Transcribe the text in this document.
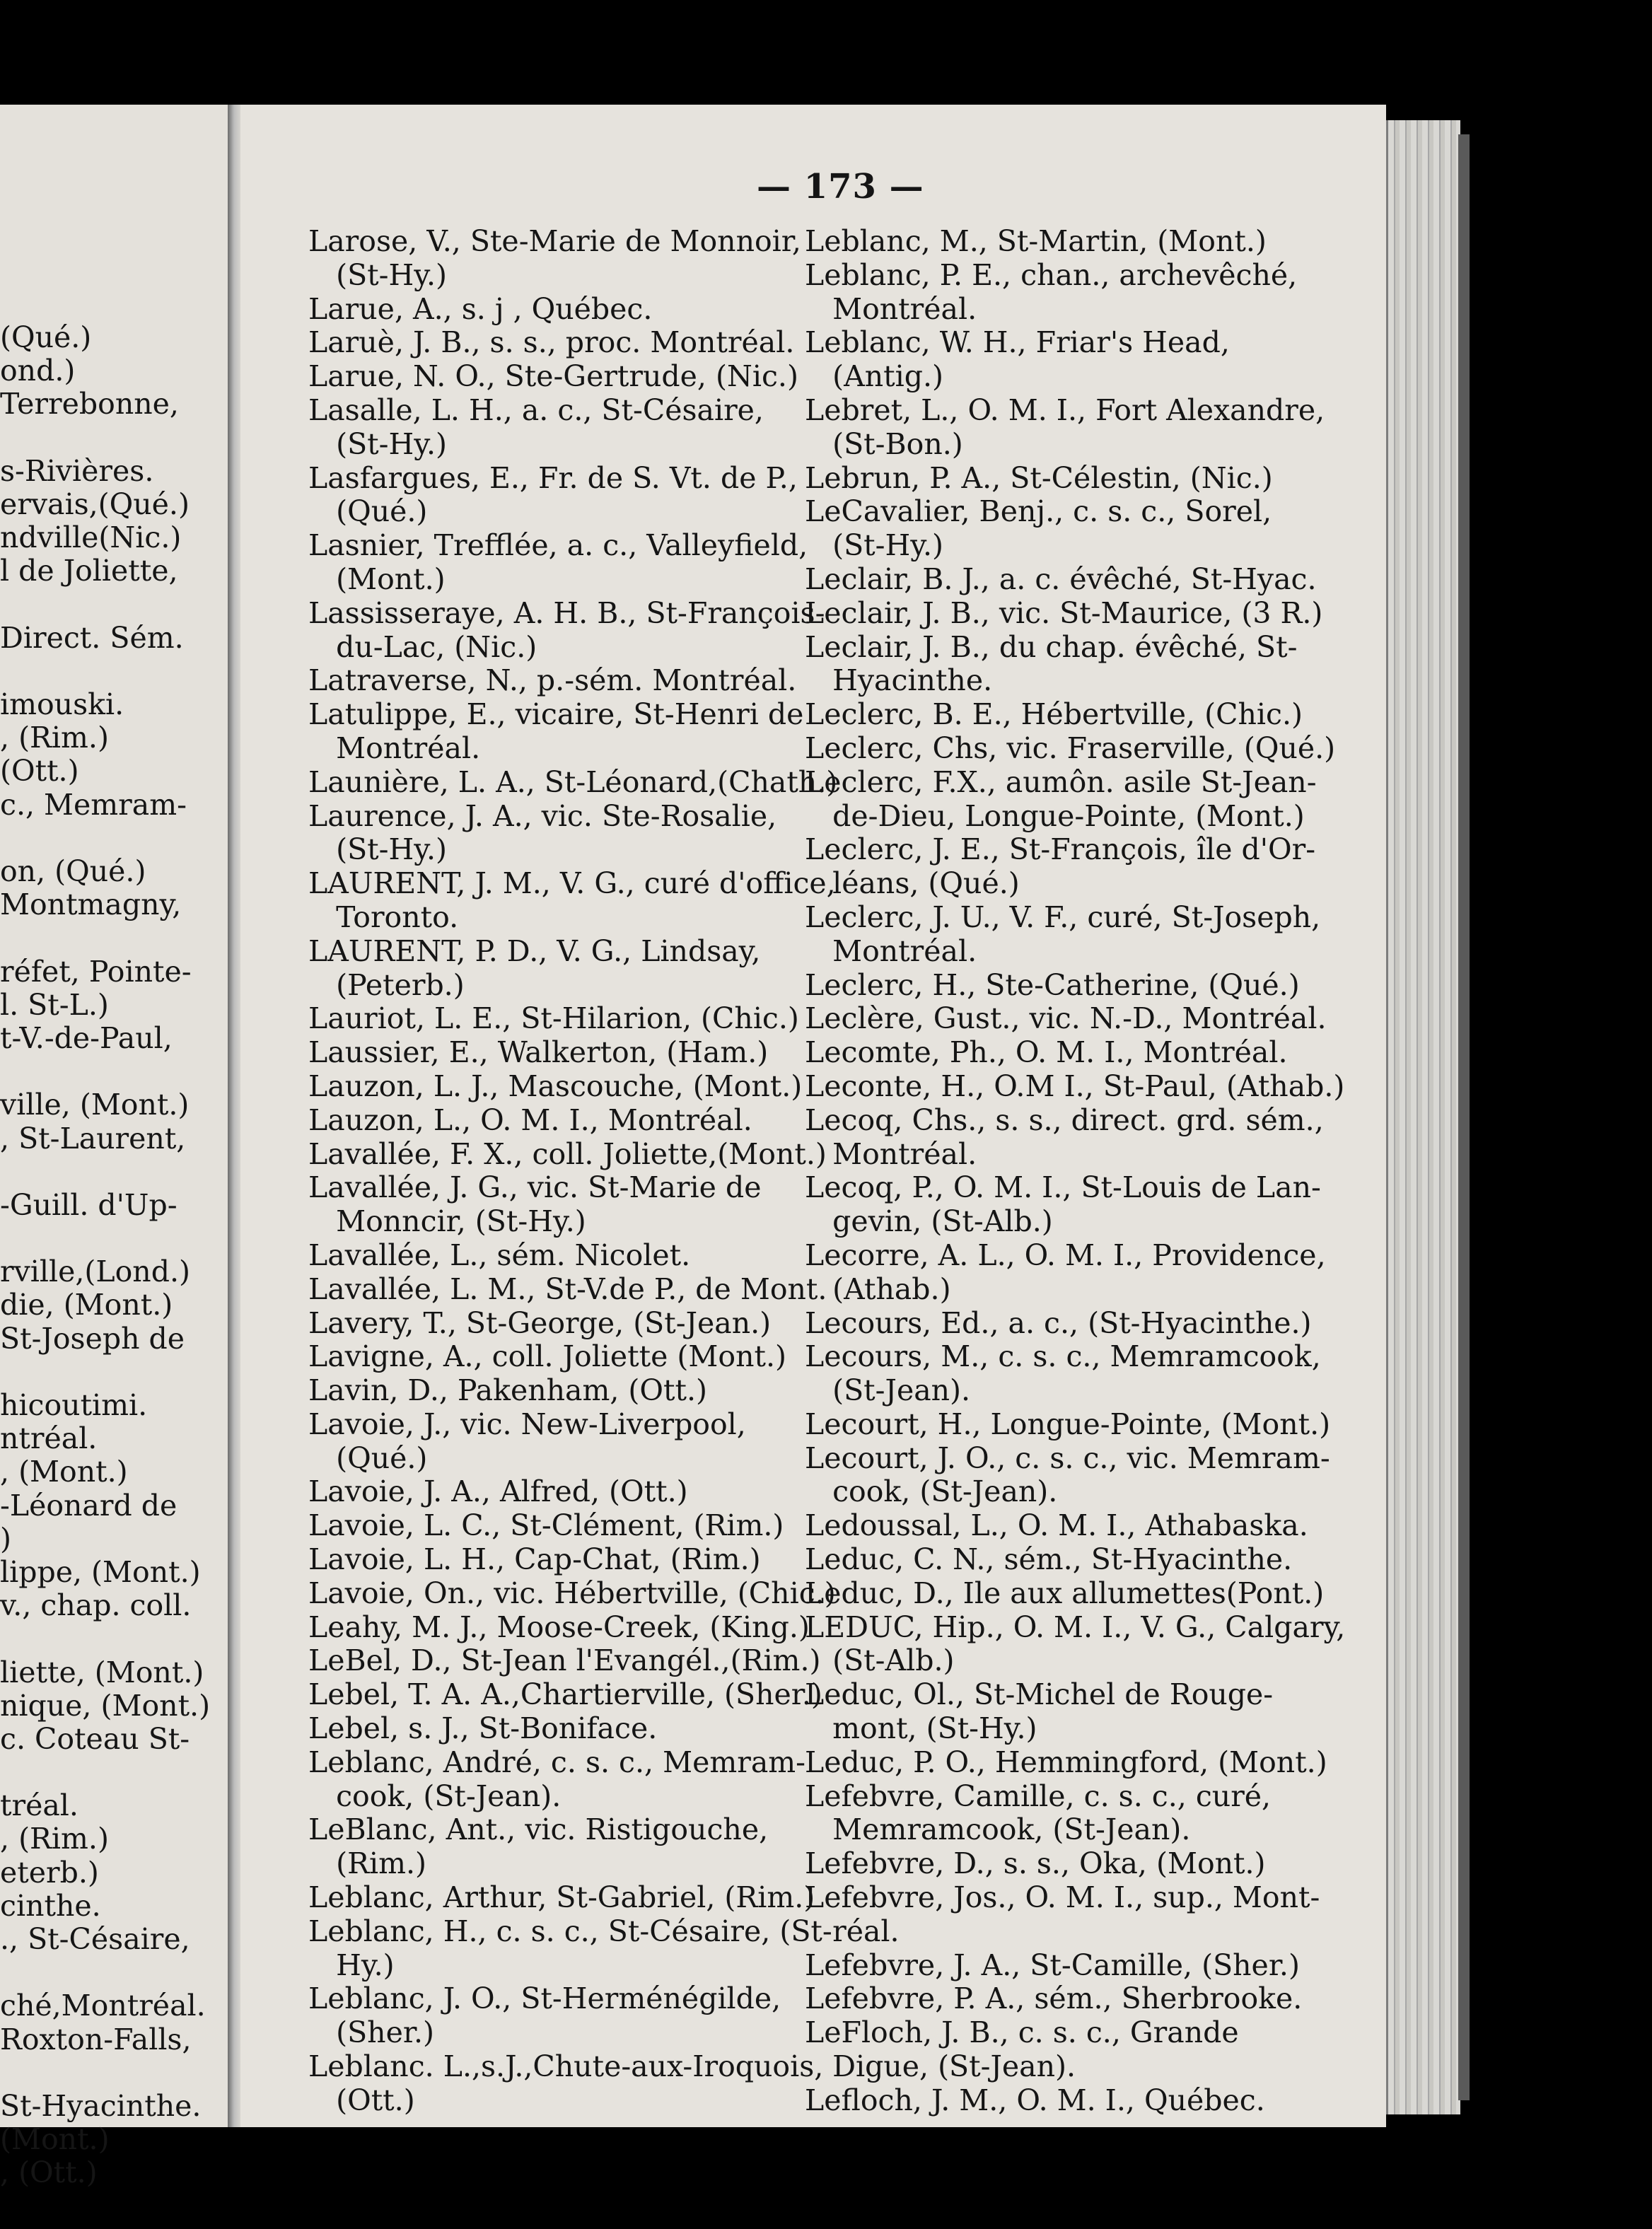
(Qué.)
ond.)
Terrebonne,
s-Rivières.
ervais,(Qué.)
ndville(Nic.)
l de Joliette,
Direct. Sém.
imouski.
, (Rim.)
(Ott.)
c., Memram-
on, (Qué.)
Montmagny,
réfet, Pointe-
l. St-L.)
t-V.-de-Paul,
ville, (Mont.)
, St-Laurent,
-Guill. d'Up-
rville,(Lond.)
die, (Mont.)
St-Joseph de
hicoutimi.
ntréal.
, (Mont.)
-Léonard de
)
lippe, (Mont.)
v., chap. coll.
liette, (Mont.)
nique, (Mont.)
c. Coteau St-
tréal.
, (Rim.)
eterb.)
cinthe.
., St-Césaire,
ché,Montréal.
Roxton-Falls,
St-Hyacinthe.
(Mont.)
, (Ott.)
— 173 —
Larose, V., Ste-Marie de Monnoir,
(St-Hy.)
Larue, A., s. j , Québec.
Laruè, J. B., s. s., proc. Montréal.
Larue, N. O., Ste-Gertrude, (Nic.)
Lasalle, L. H., a. c., St-Césaire,
(St-Hy.)
Lasfargues, E., Fr. de S. Vt. de P.,
(Qué.)
Lasnier, Trefflée, a. c., Valleyfield,
(Mont.)
Lassisseraye, A. H. B., St-François-
du-Lac, (Nic.)
Latraverse, N., p.-sém. Montréal.
Latulippe, E., vicaire, St-Henri de
Montréal.
Launière, L. A., St-Léonard,(Chath.)
Laurence, J. A., vic. Ste-Rosalie,
(St-Hy.)
LAURENT, J. M., V. G., curé d'office,
Toronto.
LAURENT, P. D., V. G., Lindsay,
(Peterb.)
Lauriot, L. E., St-Hilarion, (Chic.)
Laussier, E., Walkerton, (Ham.)
Lauzon, L. J., Mascouche, (Mont.)
Lauzon, L., O. M. I., Montréal.
Lavallée, F. X., coll. Joliette,(Mont.)
Lavallée, J. G., vic. St-Marie de
Monncir, (St-Hy.)
Lavallée, L., sém. Nicolet.
Lavallée, L. M., St-V.de P., de Mont.
Lavery, T., St-George, (St-Jean.)
Lavigne, A., coll. Joliette (Mont.)
Lavin, D., Pakenham, (Ott.)
Lavoie, J., vic. New-Liverpool,
(Qué.)
Lavoie, J. A., Alfred, (Ott.)
Lavoie, L. C., St-Clément, (Rim.)
Lavoie, L. H., Cap-Chat, (Rim.)
Lavoie, On., vic. Hébertville, (Chic.)
Leahy, M. J., Moose-Creek, (King.)
LeBel, D., St-Jean l'Evangél.,(Rim.)
Lebel, T. A. A.,Chartierville, (Sher.)
Lebel, s. J., St-Boniface.
Leblanc, André, c. s. c., Memram-
cook, (St-Jean).
LeBlanc, Ant., vic. Ristigouche,
(Rim.)
Leblanc, Arthur, St-Gabriel, (Rim.)
Leblanc, H., c. s. c., St-Césaire, (St-
Hy.)
Leblanc, J. O., St-Herménégilde,
(Sher.)
Leblanc. L.,s.J.,Chute-aux-Iroquois,
(Ott.)
Leblanc, M., St-Martin, (Mont.)
Leblanc, P. E., chan., archevêché,
Montréal.
Leblanc, W. H., Friar's Head,
(Antig.)
Lebret, L., O. M. I., Fort Alexandre,
(St-Bon.)
Lebrun, P. A., St-Célestin, (Nic.)
LeCavalier, Benj., c. s. c., Sorel,
(St-Hy.)
Leclair, B. J., a. c. évêché, St-Hyac.
Leclair, J. B., vic. St-Maurice, (3 R.)
Leclair, J. B., du chap. évêché, St-
Hyacinthe.
Leclerc, B. E., Hébertville, (Chic.)
Leclerc, Chs, vic. Fraserville, (Qué.)
Leclerc, F.X., aumôn. asile St-Jean-
de-Dieu, Longue-Pointe, (Mont.)
Leclerc, J. E., St-François, île d'Or-
léans, (Qué.)
Leclerc, J. U., V. F., curé, St-Joseph,
Montréal.
Leclerc, H., Ste-Catherine, (Qué.)
Leclère, Gust., vic. N.-D., Montréal.
Lecomte, Ph., O. M. I., Montréal.
Leconte, H., O.M I., St-Paul, (Athab.)
Lecoq, Chs., s. s., direct. grd. sém.,
Montréal.
Lecoq, P., O. M. I., St-Louis de Lan-
gevin, (St-Alb.)
Lecorre, A. L., O. M. I., Providence,
(Athab.)
Lecours, Ed., a. c., (St-Hyacinthe.)
Lecours, M., c. s. c., Memramcook,
(St-Jean).
Lecourt, H., Longue-Pointe, (Mont.)
Lecourt, J. O., c. s. c., vic. Memram-
cook, (St-Jean).
Ledoussal, L., O. M. I., Athabaska.
Leduc, C. N., sém., St-Hyacinthe.
Leduc, D., Ile aux allumettes(Pont.)
LEDUC, Hip., O. M. I., V. G., Calgary,
(St-Alb.)
Leduc, Ol., St-Michel de Rouge-
mont, (St-Hy.)
Leduc, P. O., Hemmingford, (Mont.)
Lefebvre, Camille, c. s. c., curé,
Memramcook, (St-Jean).
Lefebvre, D., s. s., Oka, (Mont.)
Lefebvre, Jos., O. M. I., sup., Mont-
réal.
Lefebvre, J. A., St-Camille, (Sher.)
Lefebvre, P. A., sém., Sherbrooke.
LeFloch, J. B., c. s. c., Grande
Digue, (St-Jean).
Lefloch, J. M., O. M. I., Québec.
